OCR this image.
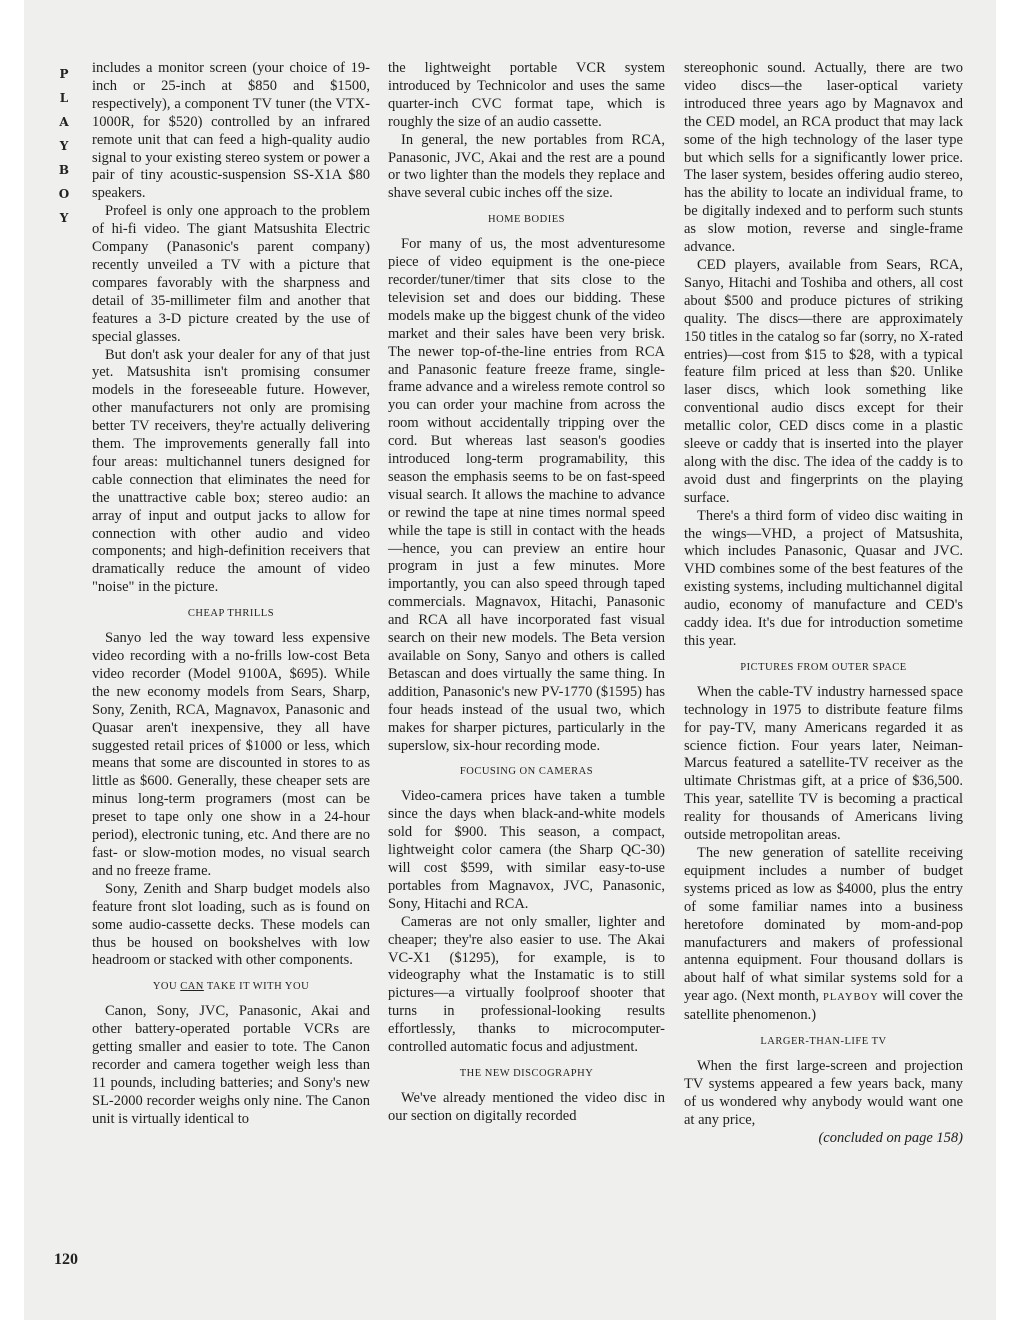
P
L
A
Y
B
O
Y

includes a monitor screen (your choice of 19-inch or 25-inch at $850 and $1500, respectively), a component TV tuner (the VTX-1000R, for $520) controlled by an infrared remote unit that can feed a high-quality audio signal to your existing stereo system or power a pair of tiny acoustic-suspension SS-X1A $80 speakers.

Profeel is only one approach to the problem of hi-fi video. The giant Matsushita Electric Company (Panasonic's parent company) recently unveiled a TV with a picture that compares favorably with the sharpness and detail of 35-millimeter film and another that features a 3-D picture created by the use of special glasses.

But don't ask your dealer for any of that just yet. Matsushita isn't promising consumer models in the foreseeable future. However, other manufacturers not only are promising better TV receivers, they're actually delivering them. The improvements generally fall into four areas: multichannel tuners designed for cable connection that eliminates the need for the unattractive cable box; stereo audio: an array of input and output jacks to allow for connection with other audio and video components; and high-definition receivers that dramatically reduce the amount of video "noise" in the picture.

CHEAP THRILLS

Sanyo led the way toward less expensive video recording with a no-frills low-cost Beta video recorder (Model 9100A, $695). While the new economy models from Sears, Sharp, Sony, Zenith, RCA, Magnavox, Panasonic and Quasar aren't inexpensive, they all have suggested retail prices of $1000 or less, which means that some are discounted in stores to as little as $600. Generally, these cheaper sets are minus long-term programers (most can be preset to tape only one show in a 24-hour period), electronic tuning, etc. And there are no fast- or slow-motion modes, no visual search and no freeze frame.

Sony, Zenith and Sharp budget models also feature front slot loading, such as is found on some audio-cassette decks. These models can thus be housed on bookshelves with low headroom or stacked with other components.

YOU CAN TAKE IT WITH YOU

Canon, Sony, JVC, Panasonic, Akai and other battery-operated portable VCRs are getting smaller and easier to tote. The Canon recorder and camera together weigh less than 11 pounds, including batteries; and Sony's new SL-2000 recorder weighs only nine. The Canon unit is virtually identical to

the lightweight portable VCR system introduced by Technicolor and uses the same quarter-inch CVC format tape, which is roughly the size of an audio cassette.

In general, the new portables from RCA, Panasonic, JVC, Akai and the rest are a pound or two lighter than the models they replace and shave several cubic inches off the size.

HOME BODIES

For many of us, the most adventuresome piece of video equipment is the one-piece recorder/tuner/timer that sits close to the television set and does our bidding. These models make up the biggest chunk of the video market and their sales have been very brisk. The newer top-of-the-line entries from RCA and Panasonic feature freeze frame, single-frame advance and a wireless remote control so you can order your machine from across the room without accidentally tripping over the cord. But whereas last season's goodies introduced long-term programability, this season the emphasis seems to be on fast-speed visual search. It allows the machine to advance or rewind the tape at nine times normal speed while the tape is still in contact with the heads—hence, you can preview an entire hour program in just a few minutes. More importantly, you can also speed through taped commercials. Magnavox, Hitachi, Panasonic and RCA all have incorporated fast visual search on their new models. The Beta version available on Sony, Sanyo and others is called Betascan and does virtually the same thing. In addition, Panasonic's new PV-1770 ($1595) has four heads instead of the usual two, which makes for sharper pictures, particularly in the superslow, six-hour recording mode.

FOCUSING ON CAMERAS

Video-camera prices have taken a tumble since the days when black-and-white models sold for $900. This season, a compact, lightweight color camera (the Sharp QC-30) will cost $599, with similar easy-to-use portables from Magnavox, JVC, Panasonic, Sony, Hitachi and RCA.

Cameras are not only smaller, lighter and cheaper; they're also easier to use. The Akai VC-X1 ($1295), for example, is to videography what the Instamatic is to still pictures—a virtually foolproof shooter that turns in professional-looking results effortlessly, thanks to microcomputer-controlled automatic focus and adjustment.

THE NEW DISCOGRAPHY

We've already mentioned the video disc in our section on digitally recorded

stereophonic sound. Actually, there are two video discs—the laser-optical variety introduced three years ago by Magnavox and the CED model, an RCA product that may lack some of the high technology of the laser type but which sells for a significantly lower price. The laser system, besides offering audio stereo, has the ability to locate an individual frame, to be digitally indexed and to perform such stunts as slow motion, reverse and single-frame advance.

CED players, available from Sears, RCA, Sanyo, Hitachi and Toshiba and others, all cost about $500 and produce pictures of striking quality. The discs—there are approximately 150 titles in the catalog so far (sorry, no X-rated entries)—cost from $15 to $28, with a typical feature film priced at less than $20. Unlike laser discs, which look something like conventional audio discs except for their metallic color, CED discs come in a plastic sleeve or caddy that is inserted into the player along with the disc. The idea of the caddy is to avoid dust and fingerprints on the playing surface.

There's a third form of video disc waiting in the wings—VHD, a project of Matsushita, which includes Panasonic, Quasar and JVC. VHD combines some of the best features of the existing systems, including multichannel digital audio, economy of manufacture and CED's caddy idea. It's due for introduction sometime this year.

PICTURES FROM OUTER SPACE

When the cable-TV industry harnessed space technology in 1975 to distribute feature films for pay-TV, many Americans regarded it as science fiction. Four years later, Neiman-Marcus featured a satellite-TV receiver as the ultimate Christmas gift, at a price of $36,500. This year, satellite TV is becoming a practical reality for thousands of Americans living outside metropolitan areas.

The new generation of satellite receiving equipment includes a number of budget systems priced as low as $4000, plus the entry of some familiar names into a business heretofore dominated by mom-and-pop manufacturers and makers of professional antenna equipment. Four thousand dollars is about half of what similar systems sold for a year ago. (Next month, PLAYBOY will cover the satellite phenomenon.)

LARGER-THAN-LIFE TV

When the first large-screen and projection TV systems appeared a few years back, many of us wondered why anybody would want one at any price,

(concluded on page 158)

120
